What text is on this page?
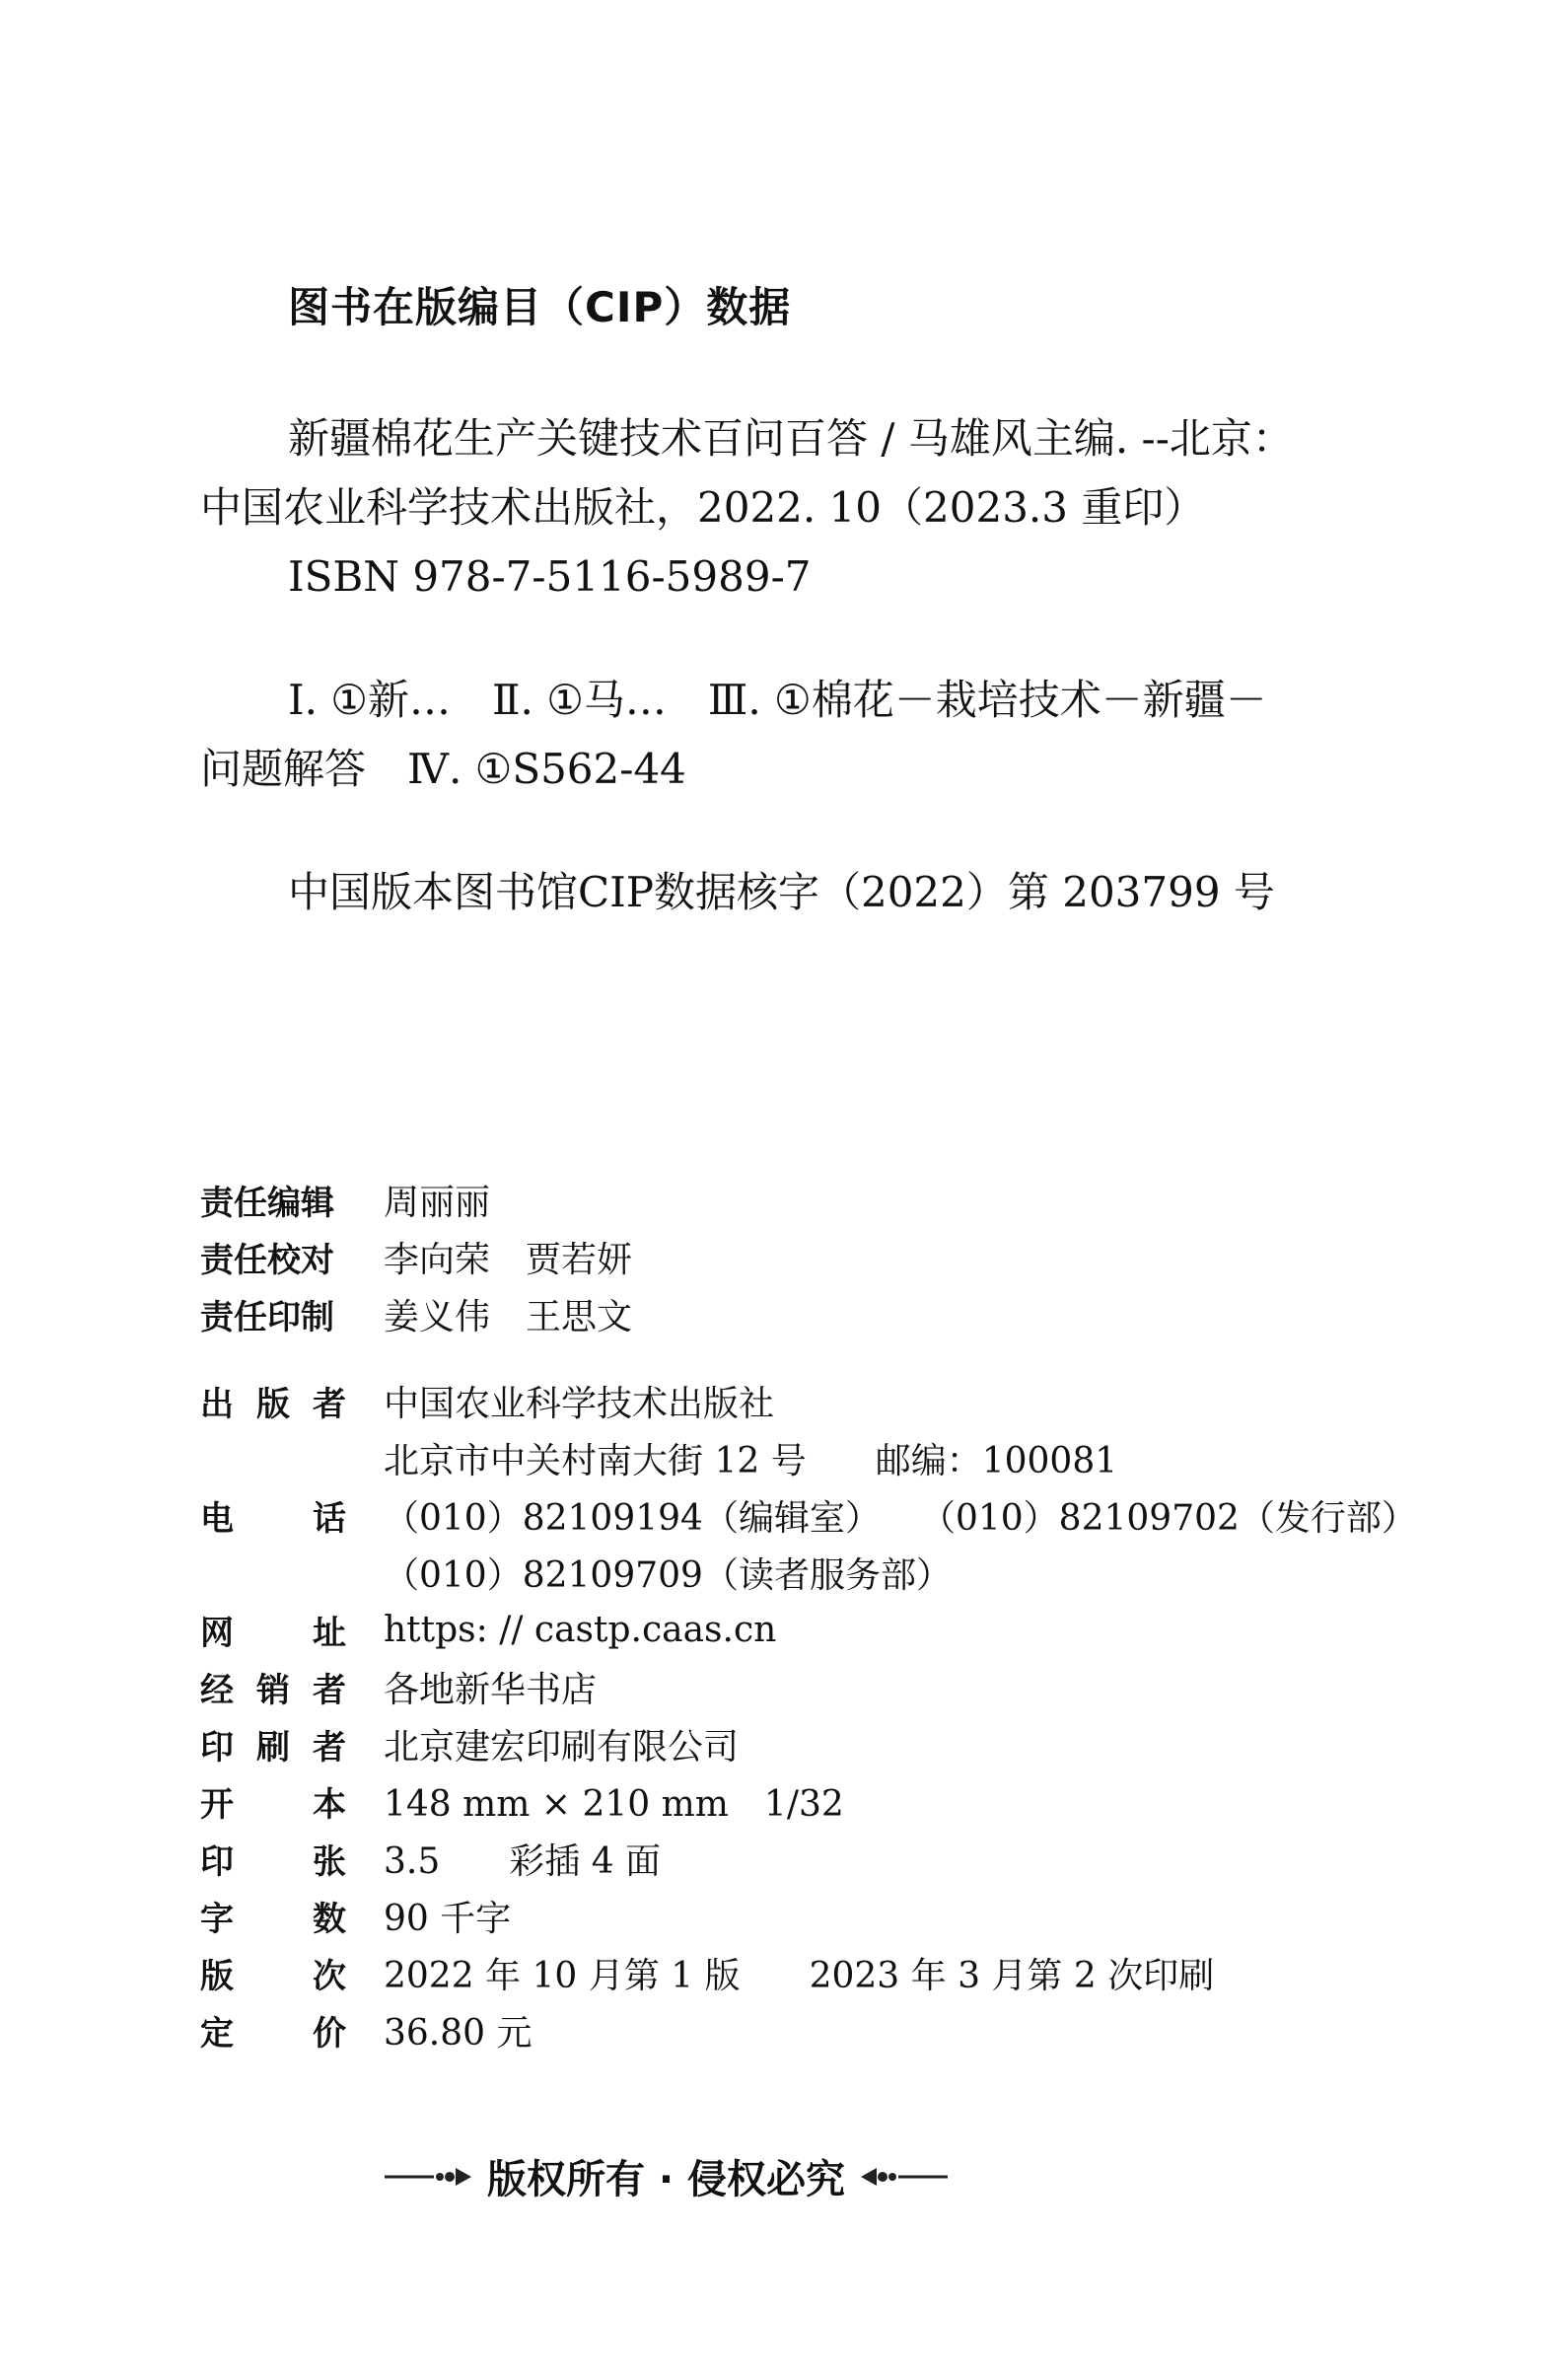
图书在版编目（CIP）数据
新疆棉花生产关键技术百问百答 / 马雄风主编. --北京：
中国农业科学技术出版社，2022. 10（2023.3 重印）
ISBN 978-7-5116-5989-7
Ⅰ. ①新…　Ⅱ. ①马…　Ⅲ. ①棉花－栽培技术－新疆－
问题解答　Ⅳ. ①S562-44
中国版本图书馆CIP数据核字（2022）第 203799 号
责任编辑	周丽丽
责任校对	李向荣　贾若妍
责任印制	姜义伟　王思文

出 版 者	中国农业科学技术出版社
	北京市中关村南大街 12 号 邮编：100081

电 话	（010）82109194（编辑室） （010）82109702（发行部）
	（010）82109709（读者服务部）

网 址	https: // castp.caas.cn

经 销 者	各地新华书店

印 刷 者	北京建宏印刷有限公司

开 本	148 mm × 210 mm　1/32

印 张	3.5 彩插 4 面

字 数	90 千字

版 次	2022 年 10 月第 1 版 2023 年 3 月第 2 次印刷

定 价	36.80 元
版权所有 · 侵权必究
